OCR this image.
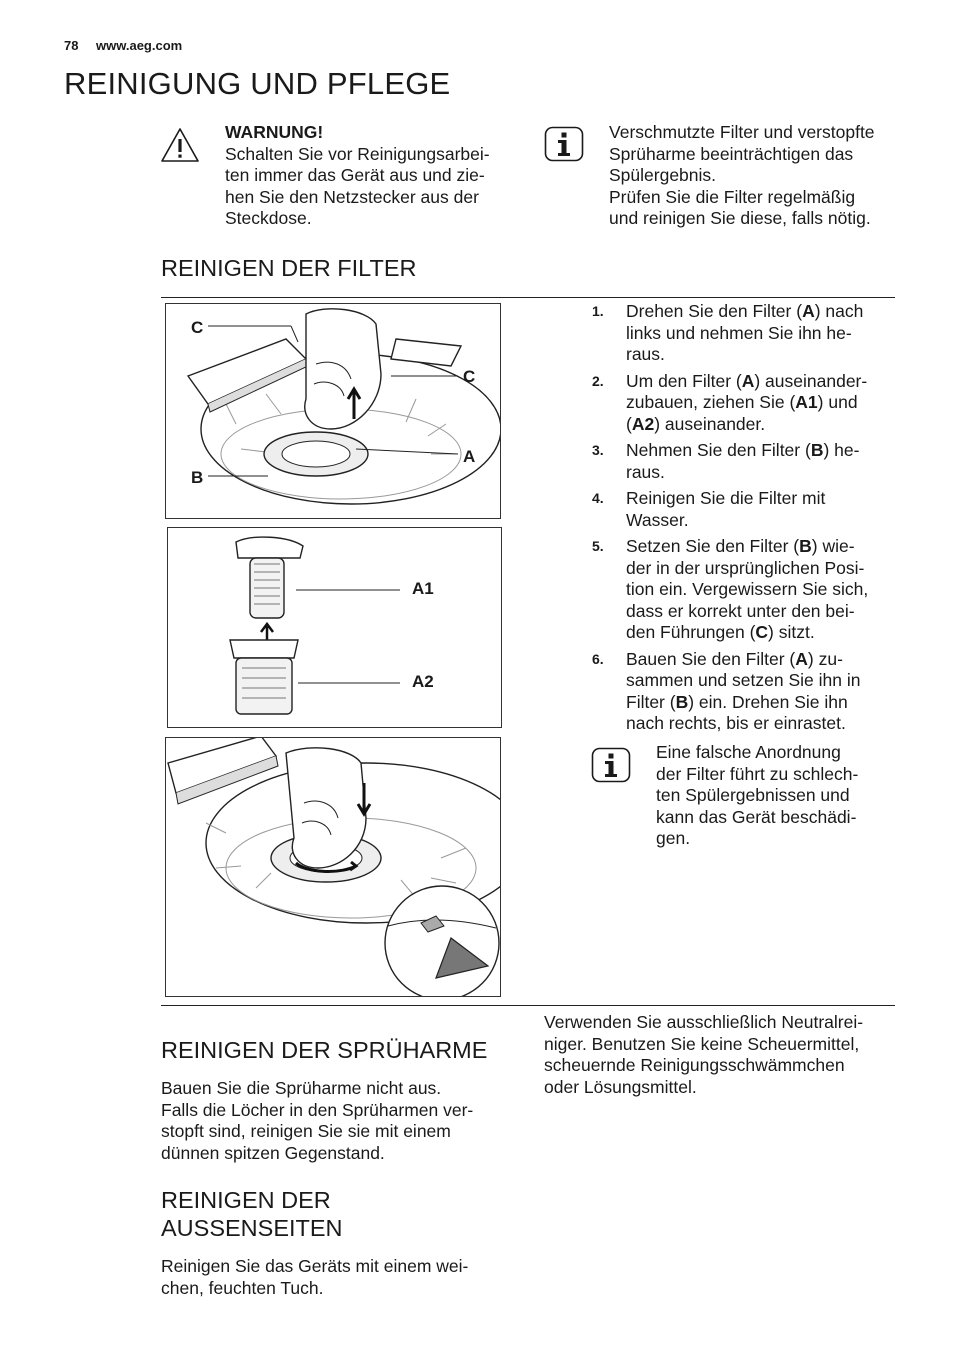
78 www.aeg.com
REINIGUNG UND PFLEGE
WARNUNG!
Schalten Sie vor Reinigungsarbei-
ten immer das Gerät aus und zie-
hen Sie den Netzstecker aus der
Steckdose.
Verschmutzte Filter und verstopfte
Sprüharme beeinträchtigen das
Spülergebnis.
Prüfen Sie die Filter regelmäßig
und reinigen Sie diese, falls nötig.
REINIGEN DER FILTER
C
C
A
B
A1
A2
1. Drehen Sie den Filter (A) nach
links und nehmen Sie ihn he-
raus.
2. Um den Filter (A) auseinander-
zubauen, ziehen Sie (A1) und
(A2) auseinander.
3. Nehmen Sie den Filter (B) he-
raus.
4. Reinigen Sie die Filter mit
Wasser.
5. Setzen Sie den Filter (B) wie-
der in der ursprünglichen Posi-
tion ein. Vergewissern Sie sich,
dass er korrekt unter den bei-
den Führungen (C) sitzt.
6. Bauen Sie den Filter (A) zu-
sammen und setzen Sie ihn in
Filter (B) ein. Drehen Sie ihn
nach rechts, bis er einrastet.
Eine falsche Anordnung
der Filter führt zu schlech-
ten Spülergebnissen und
kann das Gerät beschädi-
gen.
REINIGEN DER SPRÜHARME
Bauen Sie die Sprüharme nicht aus.
Falls die Löcher in den Sprüharmen ver-
stopft sind, reinigen Sie sie mit einem
dünnen spitzen Gegenstand.
REINIGEN DER
AUSSENSEITEN
Reinigen Sie das Geräts mit einem wei-
chen, feuchten Tuch.
Verwenden Sie ausschließlich Neutralrei-
niger. Benutzen Sie keine Scheuermittel,
scheuernde Reinigungsschwämmchen
oder Lösungsmittel.
